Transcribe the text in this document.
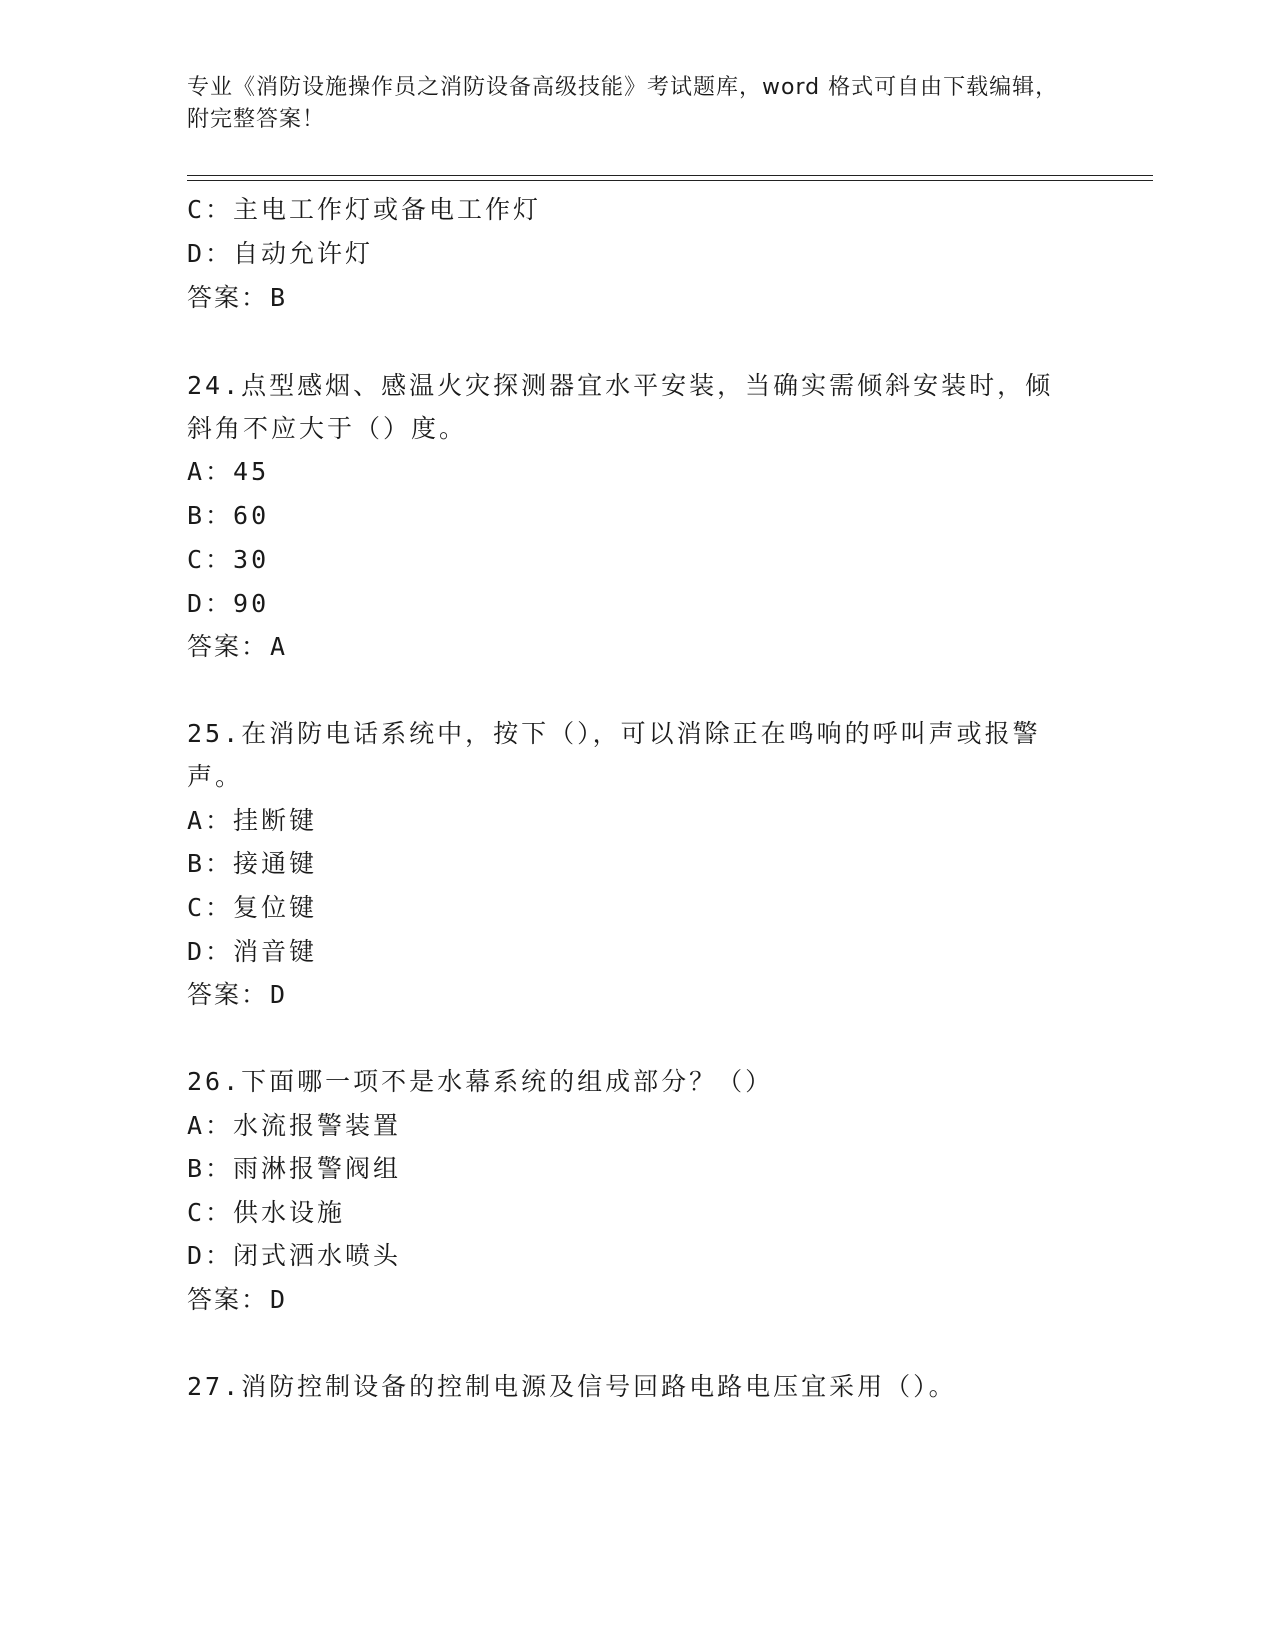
专业《消防设施操作员之消防设备高级技能》考试题库，word 格式可自由下载编辑，附完整答案！
C：主电工作灯或备电工作灯
D：自动允许灯
答案：B
24.点型感烟、感温火灾探测器宜水平安装，当确实需倾斜安装时，倾
斜角不应大于（）度。
A：45
B：60
C：30
D：90
答案：A
25.在消防电话系统中，按下（），可以消除正在鸣响的呼叫声或报警
声。
A：挂断键
B：接通键
C：复位键
D：消音键
答案：D
26.下面哪一项不是水幕系统的组成部分？（）
A：水流报警装置
B：雨淋报警阀组
C：供水设施
D：闭式洒水喷头
答案：D
27.消防控制设备的控制电源及信号回路电路电压宜采用（）。
